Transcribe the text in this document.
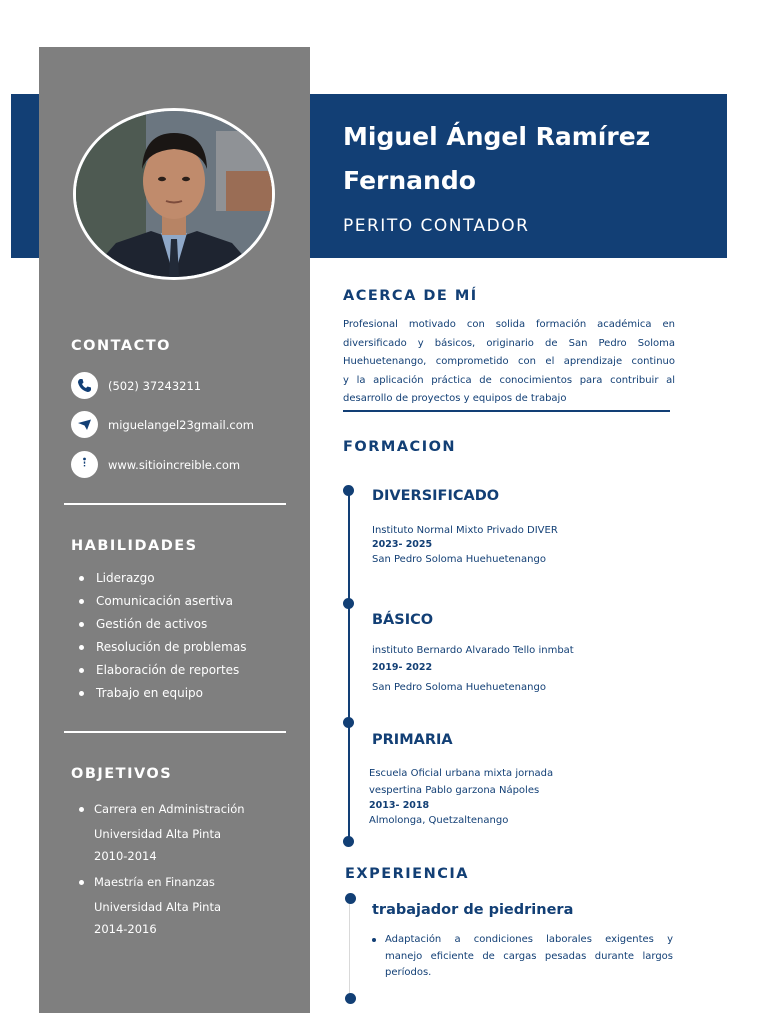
Miguel Ángel Ramírez
Fernando
PERITO CONTADOR
CONTACTO
(502) 37243211
miguelangel23gmail.com
www.sitioincreible.com
HABILIDADES
Liderazgo
Comunicación asertiva
Gestión de activos
Resolución de problemas
Elaboración de reportes
Trabajo en equipo
OBJETIVOS
Carrera en Administración
Universidad Alta Pinta
2010-2014
Maestría en Finanzas
Universidad Alta Pinta
2014-2016
ACERCA DE MÍ
Profesional motivado con solida formación académica en
diversificado y básicos, originario de San Pedro Soloma
Huehuetenango, comprometido con el aprendizaje continuo
y la aplicación práctica de conocimientos para contribuir al
desarrollo de proyectos y equipos de trabajo
FORMACION
DIVERSIFICADO
Instituto Normal Mixto Privado DIVER
2023- 2025
San Pedro Soloma Huehuetenango
BÁSICO
instituto Bernardo Alvarado Tello inmbat
2019- 2022
San Pedro Soloma Huehuetenango
PRIMARIA
Escuela Oficial urbana mixta jornada
vespertina Pablo garzona Nápoles
2013- 2018
Almolonga, Quetzaltenango
EXPERIENCIA
trabajador de piedrinera
Adaptación a condiciones laborales exigentes y
manejo eficiente de cargas pesadas durante largos
períodos.
